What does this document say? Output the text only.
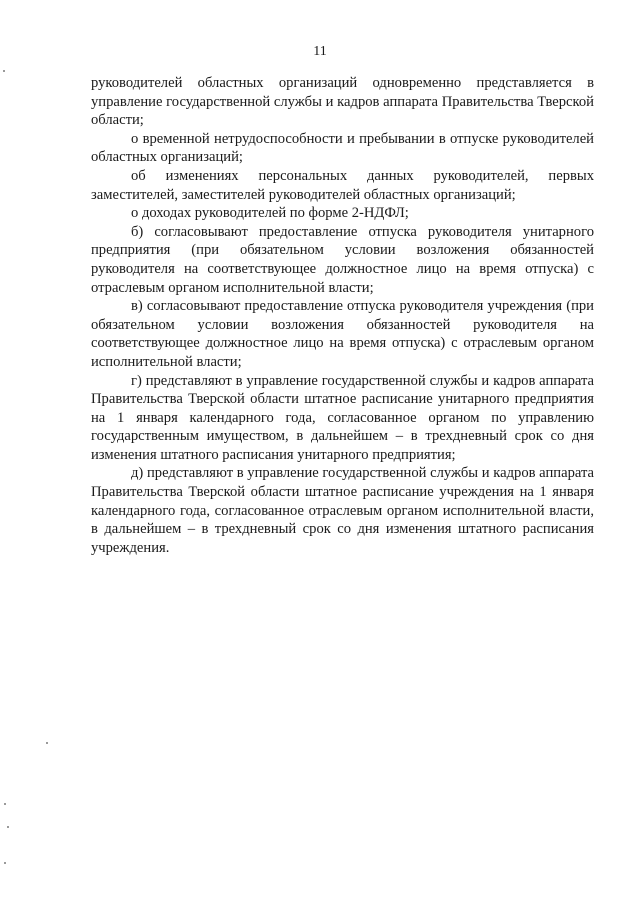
11

руководителей областных организаций одновременно представляется в управление государственной службы и кадров аппарата Правительства Тверской области;

о временной нетрудоспособности и пребывании в отпуске руководителей областных организаций;

об изменениях персональных данных руководителей, первых заместителей, заместителей руководителей областных организаций;

о доходах руководителей по форме 2-НДФЛ;

б) согласовывают предоставление отпуска руководителя унитарного предприятия (при обязательном условии возложения обязанностей руководителя на соответствующее должностное лицо на время отпуска) с отраслевым органом исполнительной власти;

в) согласовывают предоставление отпуска руководителя учреждения (при обязательном условии возложения обязанностей руководителя на соответствующее должностное лицо на время отпуска) с отраслевым органом исполнительной власти;

г) представляют в управление государственной службы и кадров аппарата Правительства Тверской области штатное расписание унитарного предприятия на 1 января календарного года, согласованное органом по управлению государственным имуществом, в дальнейшем – в трехдневный срок со дня изменения штатного расписания унитарного предприятия;

д) представляют в управление государственной службы и кадров аппарата Правительства Тверской области штатное расписание учреждения на 1 января календарного года, согласованное отраслевым органом исполнительной власти, в дальнейшем – в трехдневный срок со дня изменения штатного расписания учреждения.
